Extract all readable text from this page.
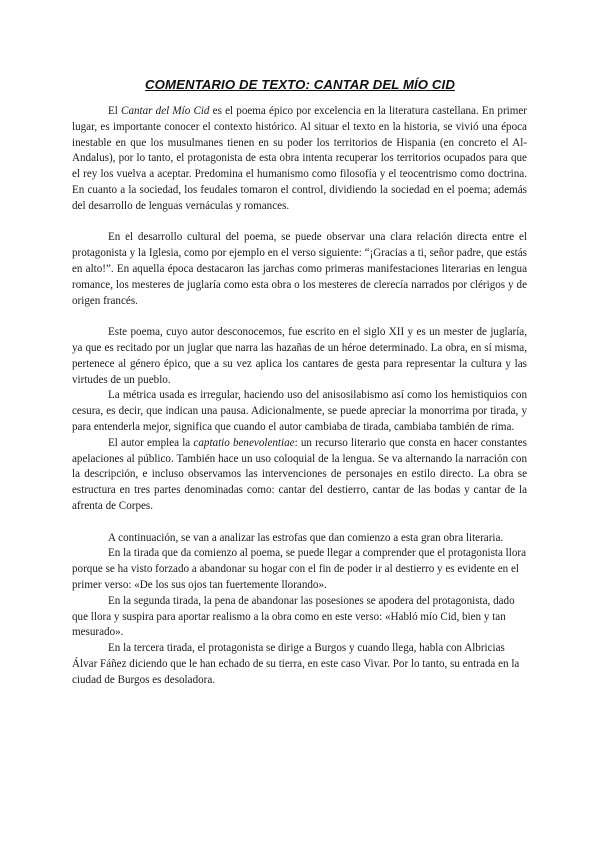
COMENTARIO DE TEXTO: CANTAR DEL MÍO CID

El Cantar del Mío Cid es el poema épico por excelencia en la literatura castellana. En primer lugar, es importante conocer el contexto histórico. Al situar el texto en la historia, se vivió una época inestable en que los musulmanes tienen en su poder los territorios de Hispania (en concreto el Al-Andalus), por lo tanto, el protagonista de esta obra intenta recuperar los territorios ocupados para que el rey los vuelva a aceptar. Predomina el humanismo como filosofía y el teocentrismo como doctrina. En cuanto a la sociedad, los feudales tomaron el control, dividiendo la sociedad en el poema; además del desarrollo de lenguas vernáculas y romances.

En el desarrollo cultural del poema, se puede observar una clara relación directa entre el protagonista y la Iglesia, como por ejemplo en el verso siguiente: “¡Gracias a ti, señor padre, que estás en alto!”. En aquella época destacaron las jarchas como primeras manifestaciones literarias en lengua romance, los mesteres de juglaría como esta obra o los mesteres de clerecía narrados por clérigos y de origen francés.

Este poema, cuyo autor desconocemos, fue escrito en el siglo XII y es un mester de juglaría, ya que es recitado por un juglar que narra las hazañas de un héroe determinado. La obra, en sí misma, pertenece al género épico, que a su vez aplica los cantares de gesta para representar la cultura y las virtudes de un pueblo.

La métrica usada es irregular, haciendo uso del anisosilabismo así como los hemistiquios con cesura, es decir, que indican una pausa. Adicionalmente, se puede apreciar la monorrima por tirada, y para entenderla mejor, significa que cuando el autor cambiaba de tirada, cambiaba también de rima.

El autor emplea la captatio benevolentiae: un recurso literario que consta en hacer constantes apelaciones al público. También hace un uso coloquial de la lengua. Se va alternando la narración con la descripción, e incluso observamos las intervenciones de personajes en estilo directo. La obra se estructura en tres partes denominadas como: cantar del destierro, cantar de las bodas y cantar de la afrenta de Corpes.

A continuación, se van a analizar las estrofas que dan comienzo a esta gran obra literaria.

En la tirada que da comienzo al poema, se puede llegar a comprender que el protagonista llora porque se ha visto forzado a abandonar su hogar con el fin de poder ir al destierro y es evidente en el primer verso: «De los sus ojos tan fuertemente llorando».

En la segunda tirada, la pena de abandonar las posesiones se apodera del protagonista, dado que llora y suspira para aportar realismo a la obra como en este verso: «Habló mío Cid, bien y tan mesurado».

En la tercera tirada, el protagonista se dirige a Burgos y cuando llega, habla con Albricias Álvar Fáñez diciendo que le han echado de su tierra, en este caso Vivar. Por lo tanto, su entrada en la ciudad de Burgos es desoladora.
